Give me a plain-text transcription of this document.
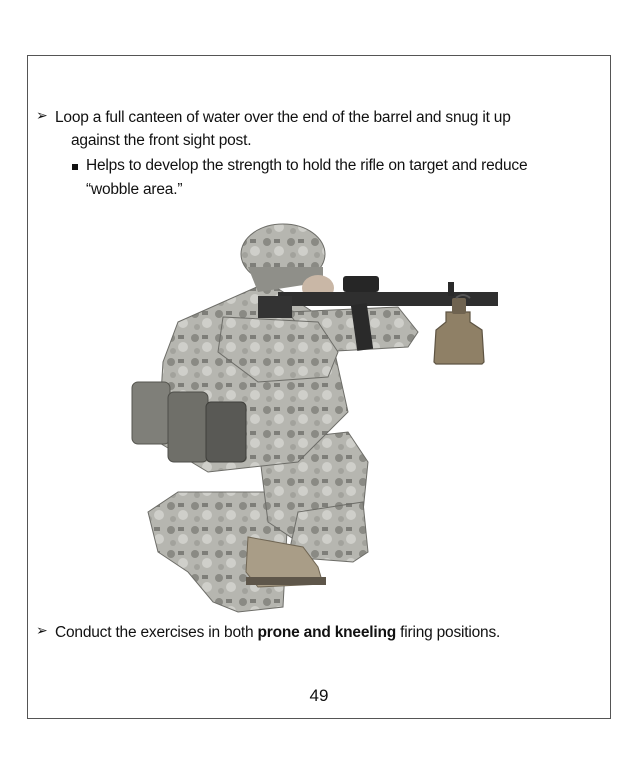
➢ Loop a full canteen of water over the end of the barrel and snug it up
against the front sight post.
Helps to develop the strength to hold the rifle on target and reduce
“wobble area.”
➢ Conduct the exercises in both prone and kneeling firing positions.
49
